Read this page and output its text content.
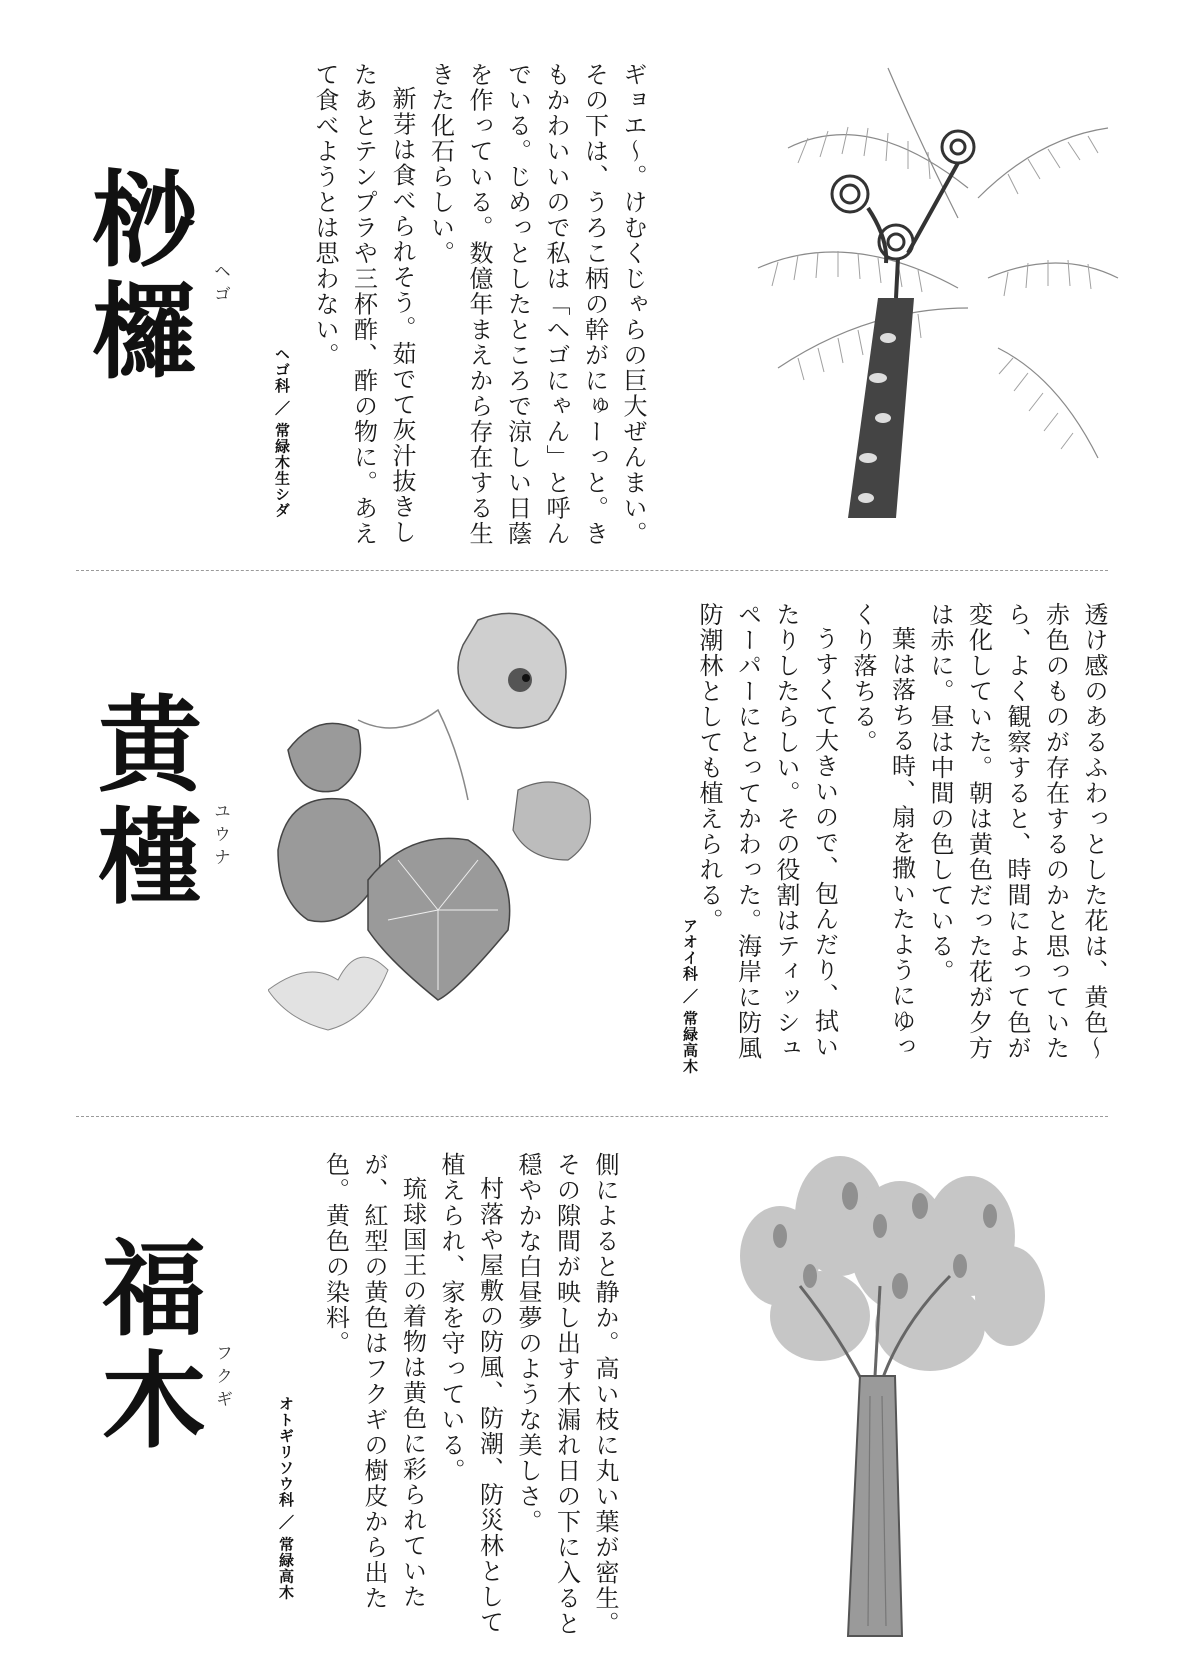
ギョエ〜。けむくじゃらの巨大ぜんまい。その下は、うろこ柄の幹がにゅーっと。きもかわいいので私は「ヘゴにゃん」と呼んでいる。じめっとしたところで涼しい日蔭を作っている。数億年まえから存在する生きた化石らしい。

新芽は食べられそう。茹でて灰汁抜きしたあとテンプラや三杯酢、酢の物に。あえて食べようとは思わない。

ヘゴ科 ／ 常緑木生シダ
桫欏 ヘゴ

透け感のあるふわっとした花は、黄色〜赤色のものが存在するのかと思っていたら、よく観察すると、時間によって色が変化していた。朝は黄色だった花が夕方は赤に。昼は中間の色している。

葉は落ちる時、扇を撒いたようにゆっくり落ちる。

うすくて大きいので、包んだり、拭いたりしたらしい。その役割はティッシュペーパーにとってかわった。海岸に防風防潮林としても植えられる。

アオイ科 ／ 常緑高木
黄槿 ユウナ

側によると静か。高い枝に丸い葉が密生。その隙間が映し出す木漏れ日の下に入ると穏やかな白昼夢のような美しさ。

村落や屋敷の防風、防潮、防災林として植えられ、家を守っている。

琉球国王の着物は黄色に彩られていたが、紅型の黄色はフクギの樹皮から出た色。黄色の染料。

オトギリソウ科 ／ 常緑高木
福木 フクギ
